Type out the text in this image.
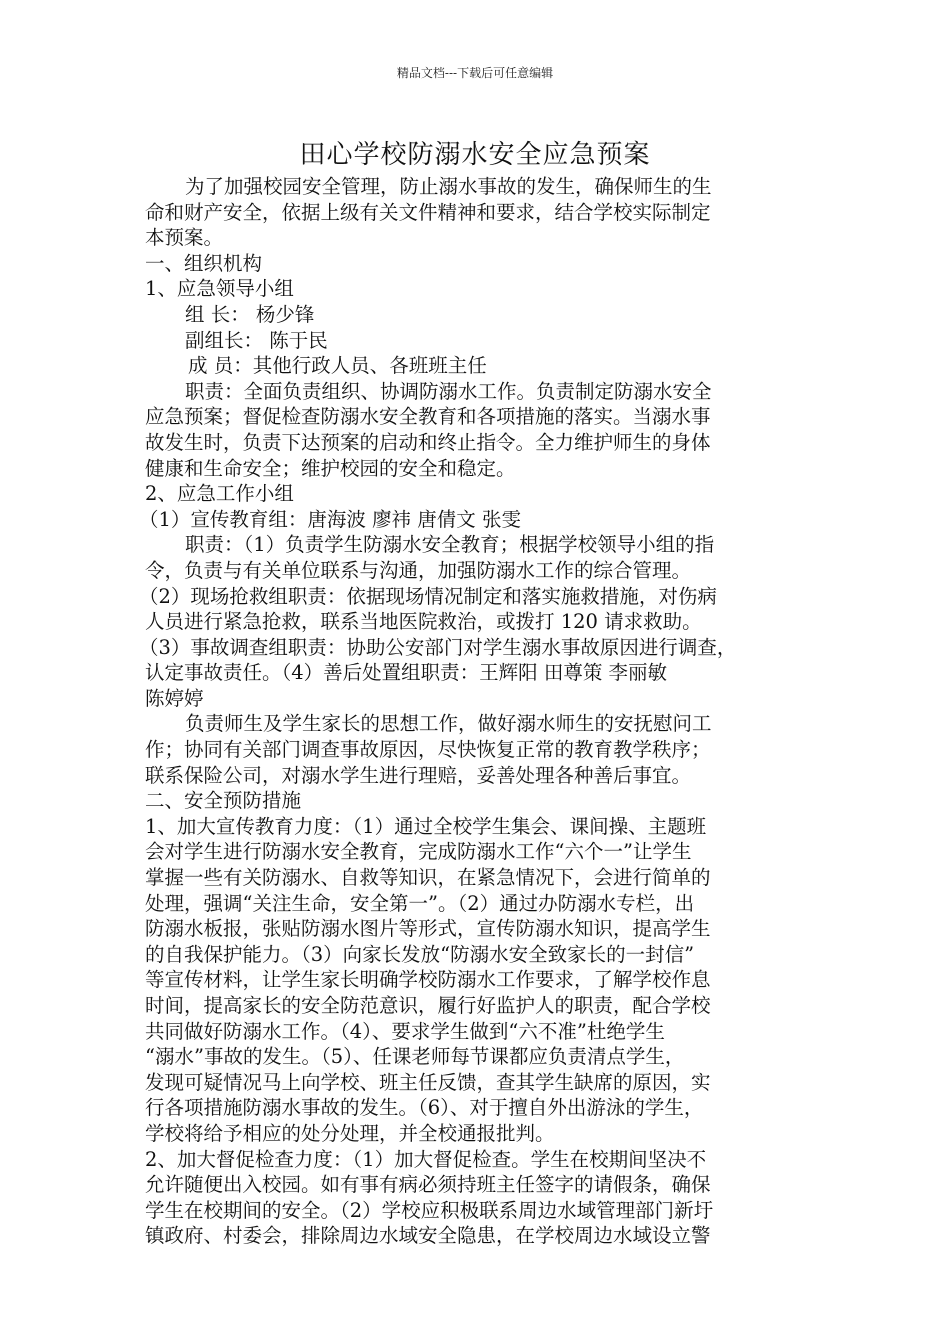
精品文档---下载后可任意编辑
田心学校防溺水安全应急预案

为了加强校园安全管理，防止溺水事故的发生，确保师生的生

命和财产安全，依据上级有关文件精神和要求，结合学校实际制定

本预案。

一、组织机构

1、应急领导小组

组 长： 杨少锋

副组长： 陈于民

成 员：其他行政人员、各班班主任

职责：全面负责组织、协调防溺水工作。负责制定防溺水安全

应急预案；督促检查防溺水安全教育和各项措施的落实。当溺水事

故发生时，负责下达预案的启动和终止指令。全力维护师生的身体

健康和生命安全；维护校园的安全和稳定。

2、应急工作小组

（1）宣传教育组：唐海波 廖祎 唐倩文 张雯

职责：（1）负责学生防溺水安全教育；根据学校领导小组的指

令，负责与有关单位联系与沟通，加强防溺水工作的综合管理。

（2）现场抢救组职责：依据现场情况制定和落实施救措施，对伤病

人员进行紧急抢救，联系当地医院救治，或拨打 120 请求救助。

（3）事故调查组职责：协助公安部门对学生溺水事故原因进行调查，

认定事故责任。（4）善后处置组职责：王辉阳 田尊策 李丽敏

陈婷婷

负责师生及学生家长的思想工作，做好溺水师生的安抚慰问工

作；协同有关部门调查事故原因，尽快恢复正常的教育教学秩序；

联系保险公司，对溺水学生进行理赔，妥善处理各种善后事宜。

二、安全预防措施

1、加大宣传教育力度：（1）通过全校学生集会、课间操、主题班

会对学生进行防溺水安全教育，完成防溺水工作“六个一”让学生

掌握一些有关防溺水、自救等知识，在紧急情况下，会进行简单的

处理，强调“关注生命，安全第一”。（2）通过办防溺水专栏，出

防溺水板报，张贴防溺水图片等形式，宣传防溺水知识，提高学生

的自我保护能力。（3）向家长发放“防溺水安全致家长的一封信”

等宣传材料，让学生家长明确学校防溺水工作要求，了解学校作息

时间，提高家长的安全防范意识，履行好监护人的职责，配合学校

共同做好防溺水工作。（4）、要求学生做到“六不准”杜绝学生

“溺水”事故的发生。（5）、任课老师每节课都应负责清点学生，

发现可疑情况马上向学校、班主任反馈，查其学生缺席的原因，实

行各项措施防溺水事故的发生。（6）、对于擅自外出游泳的学生，

学校将给予相应的处分处理，并全校通报批判。

2、加大督促检查力度：（1）加大督促检查。学生在校期间坚决不

允许随便出入校园。如有事有病必须持班主任签字的请假条，确保

学生在校期间的安全。（2）学校应积极联系周边水域管理部门新圩

镇政府、村委会，排除周边水域安全隐患，在学校周边水域设立警
